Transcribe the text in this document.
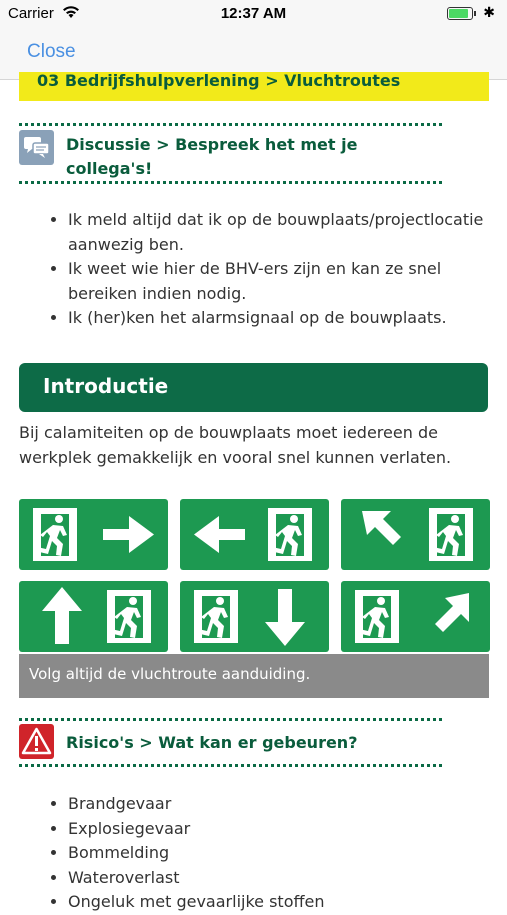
Carrier	12:37 AM	✱
Close
03 Bedrijfshulpverlening > Vluchtroutes
Discussie > Bespreek het met je
collega's!
• Ik meld altijd dat ik op de bouwplaats/projectlocatie aanwezig ben.
• Ik weet wie hier de BHV-ers zijn en kan ze snel bereiken indien nodig.
• Ik (her)ken het alarmsignaal op de bouwplaats.
Introductie
Bij calamiteiten op de bouwplaats moet iedereen de werkplek gemakkelijk en vooral snel kunnen verlaten.
Volg altijd de vluchtroute aanduiding.
Risico's > Wat kan er gebeuren?
• Brandgevaar
• Explosiegevaar
• Bommelding
• Wateroverlast
• Ongeluk met gevaarlijke stoffen
